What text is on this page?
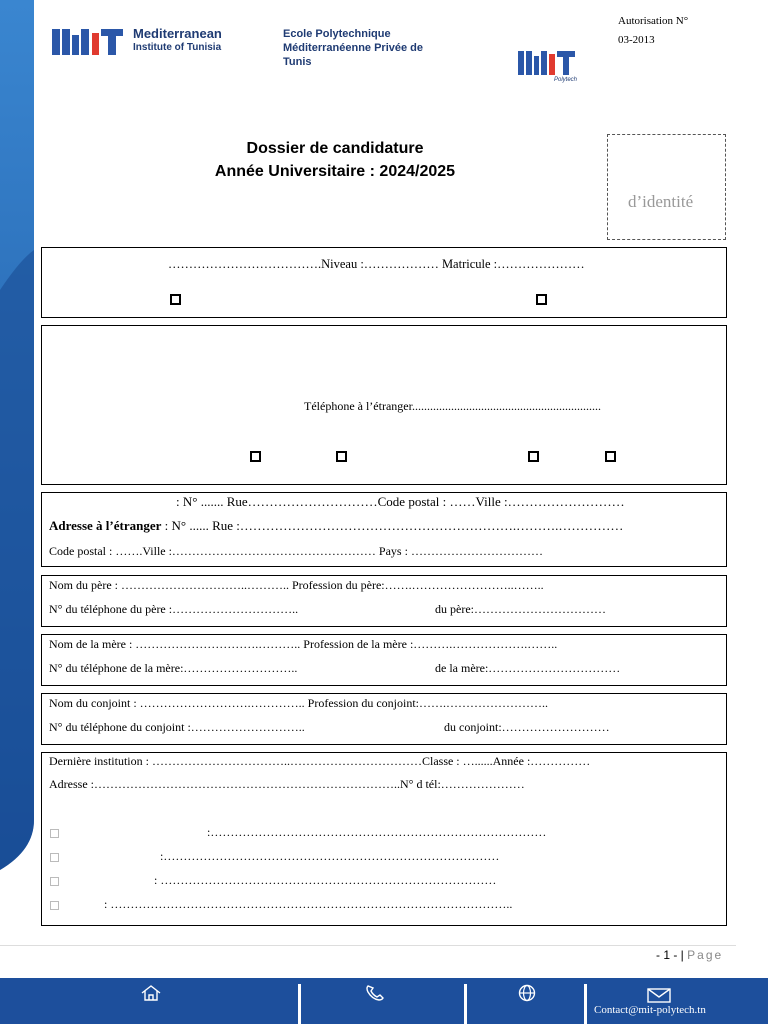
Mediterranean
Institute of Tunisia
Ecole Polytechnique Méditerranéenne Privée de Tunis
Polytech
Autorisation N°
03-2013
Dossier de candidature
Année Universitaire : 2024/2025
d’identité
……………………………….Niveau :……………… Matricule :…………………
Téléphone à l’étranger...............................................................
: N° ....... Rue…………………………Code postal : ……Ville :………………………
Adresse à l’étranger : N° ...... Rue :……………………………………………………….……….……………
Code postal : …….Ville :…………………………………………… Pays : ……………………………
Nom du père : …………………………..……….. Profession du père:…….……………………..……..
N° du téléphone du père :…………………………..	du père:……………………………
Nom de la mère : ………………………….……….. Profession de la mère :……….……………….……..
N° du téléphone de la mère:………………………..	de la mère:……………………………
Nom du conjoint : ……………………….………….. Profession du conjoint:…….……………………..
N° du téléphone du conjoint :………………………..	du conjoint:………………………
Dernière institution : ……………………………..……………………………Classe : …......Année :……………
Adresse :…………………………………………………………………..N° d tél:…………………
:…………………………………………………………………………
:…………………………………………………………………………
: …………………………………………………………………………
: ………………………………………………………………………………………..
- 1 - | Page
Contact@mit-polytech.tn
